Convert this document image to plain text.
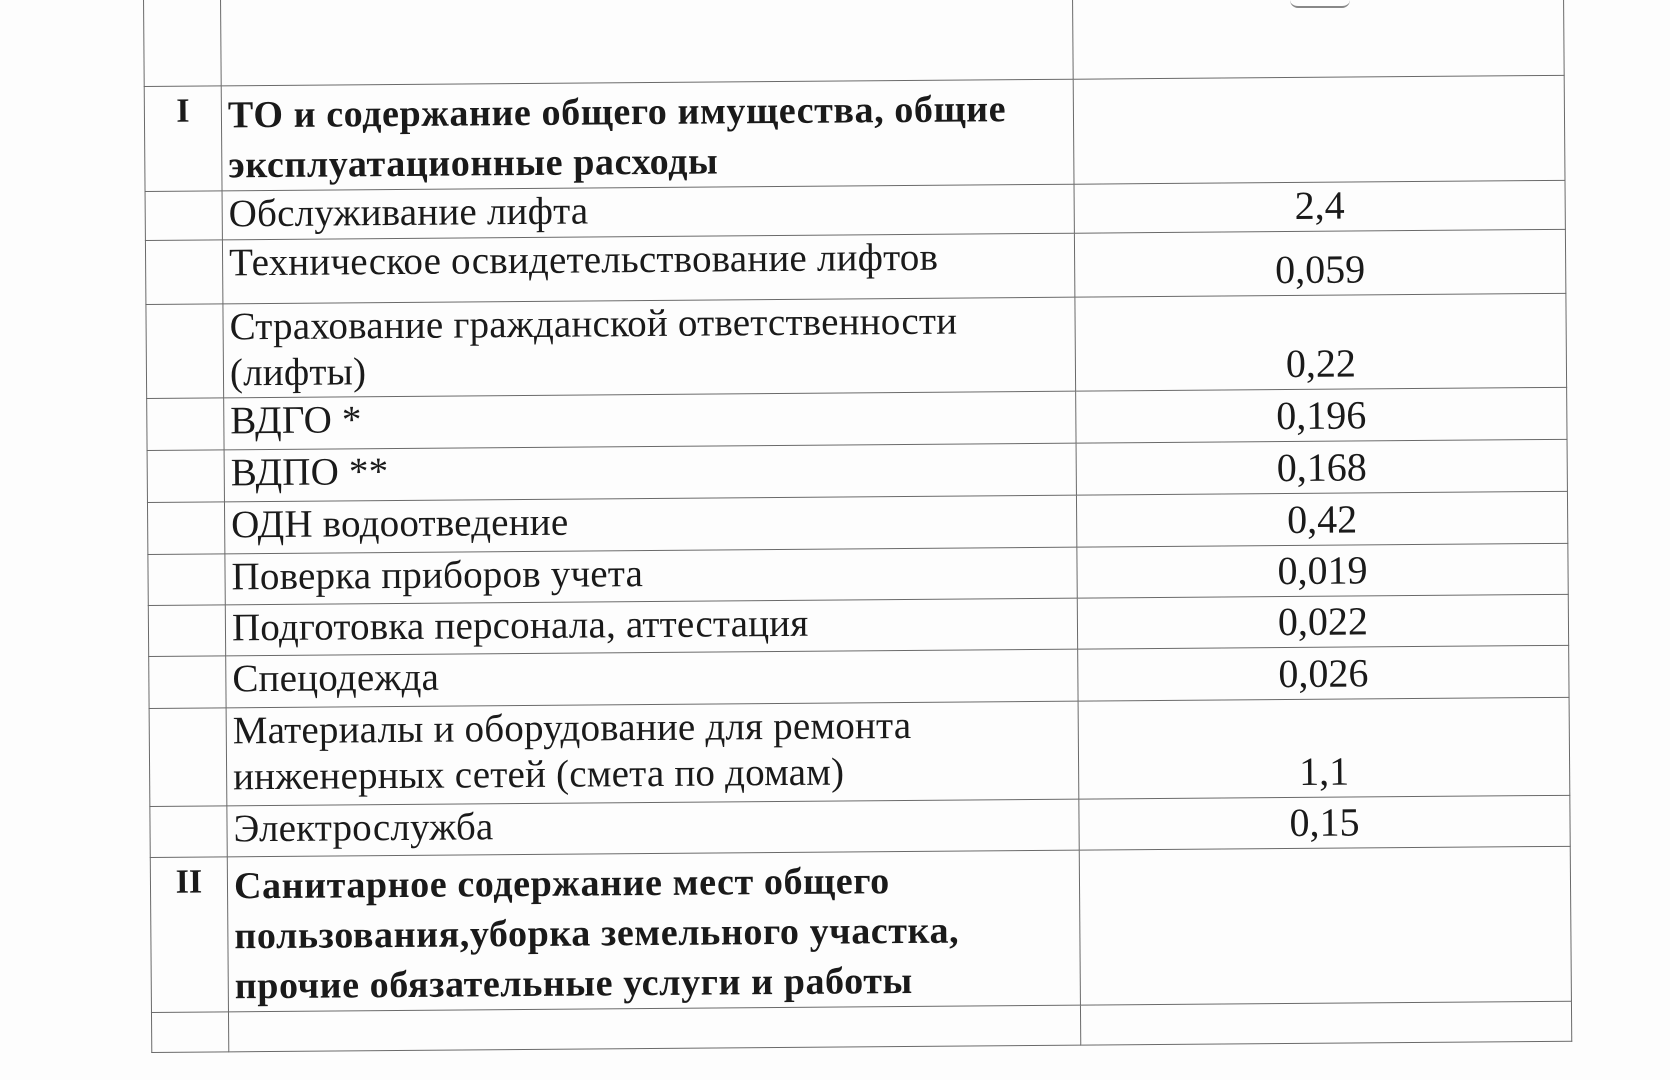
I	ТО и содержание общего имущества, общие эксплуатационные расходы	
	Обслуживание лифта	2,4
	Техническое освидетельствование лифтов	0,059
	Страхование гражданской ответственности (лифты)	0,22
	ВДГО *	0,196
	ВДПО **	0,168
	ОДН водоотведение	0,42
	Поверка приборов учета	0,019
	Подготовка персонала, аттестация	0,022
	Спецодежда	0,026
	Материалы и оборудование для ремонта инженерных сетей (смета по домам)	1,1
	Электрослужба	0,15
II	Санитарное содержание мест общего пользования,уборка земельного участка, прочие обязательные услуги и работы	
